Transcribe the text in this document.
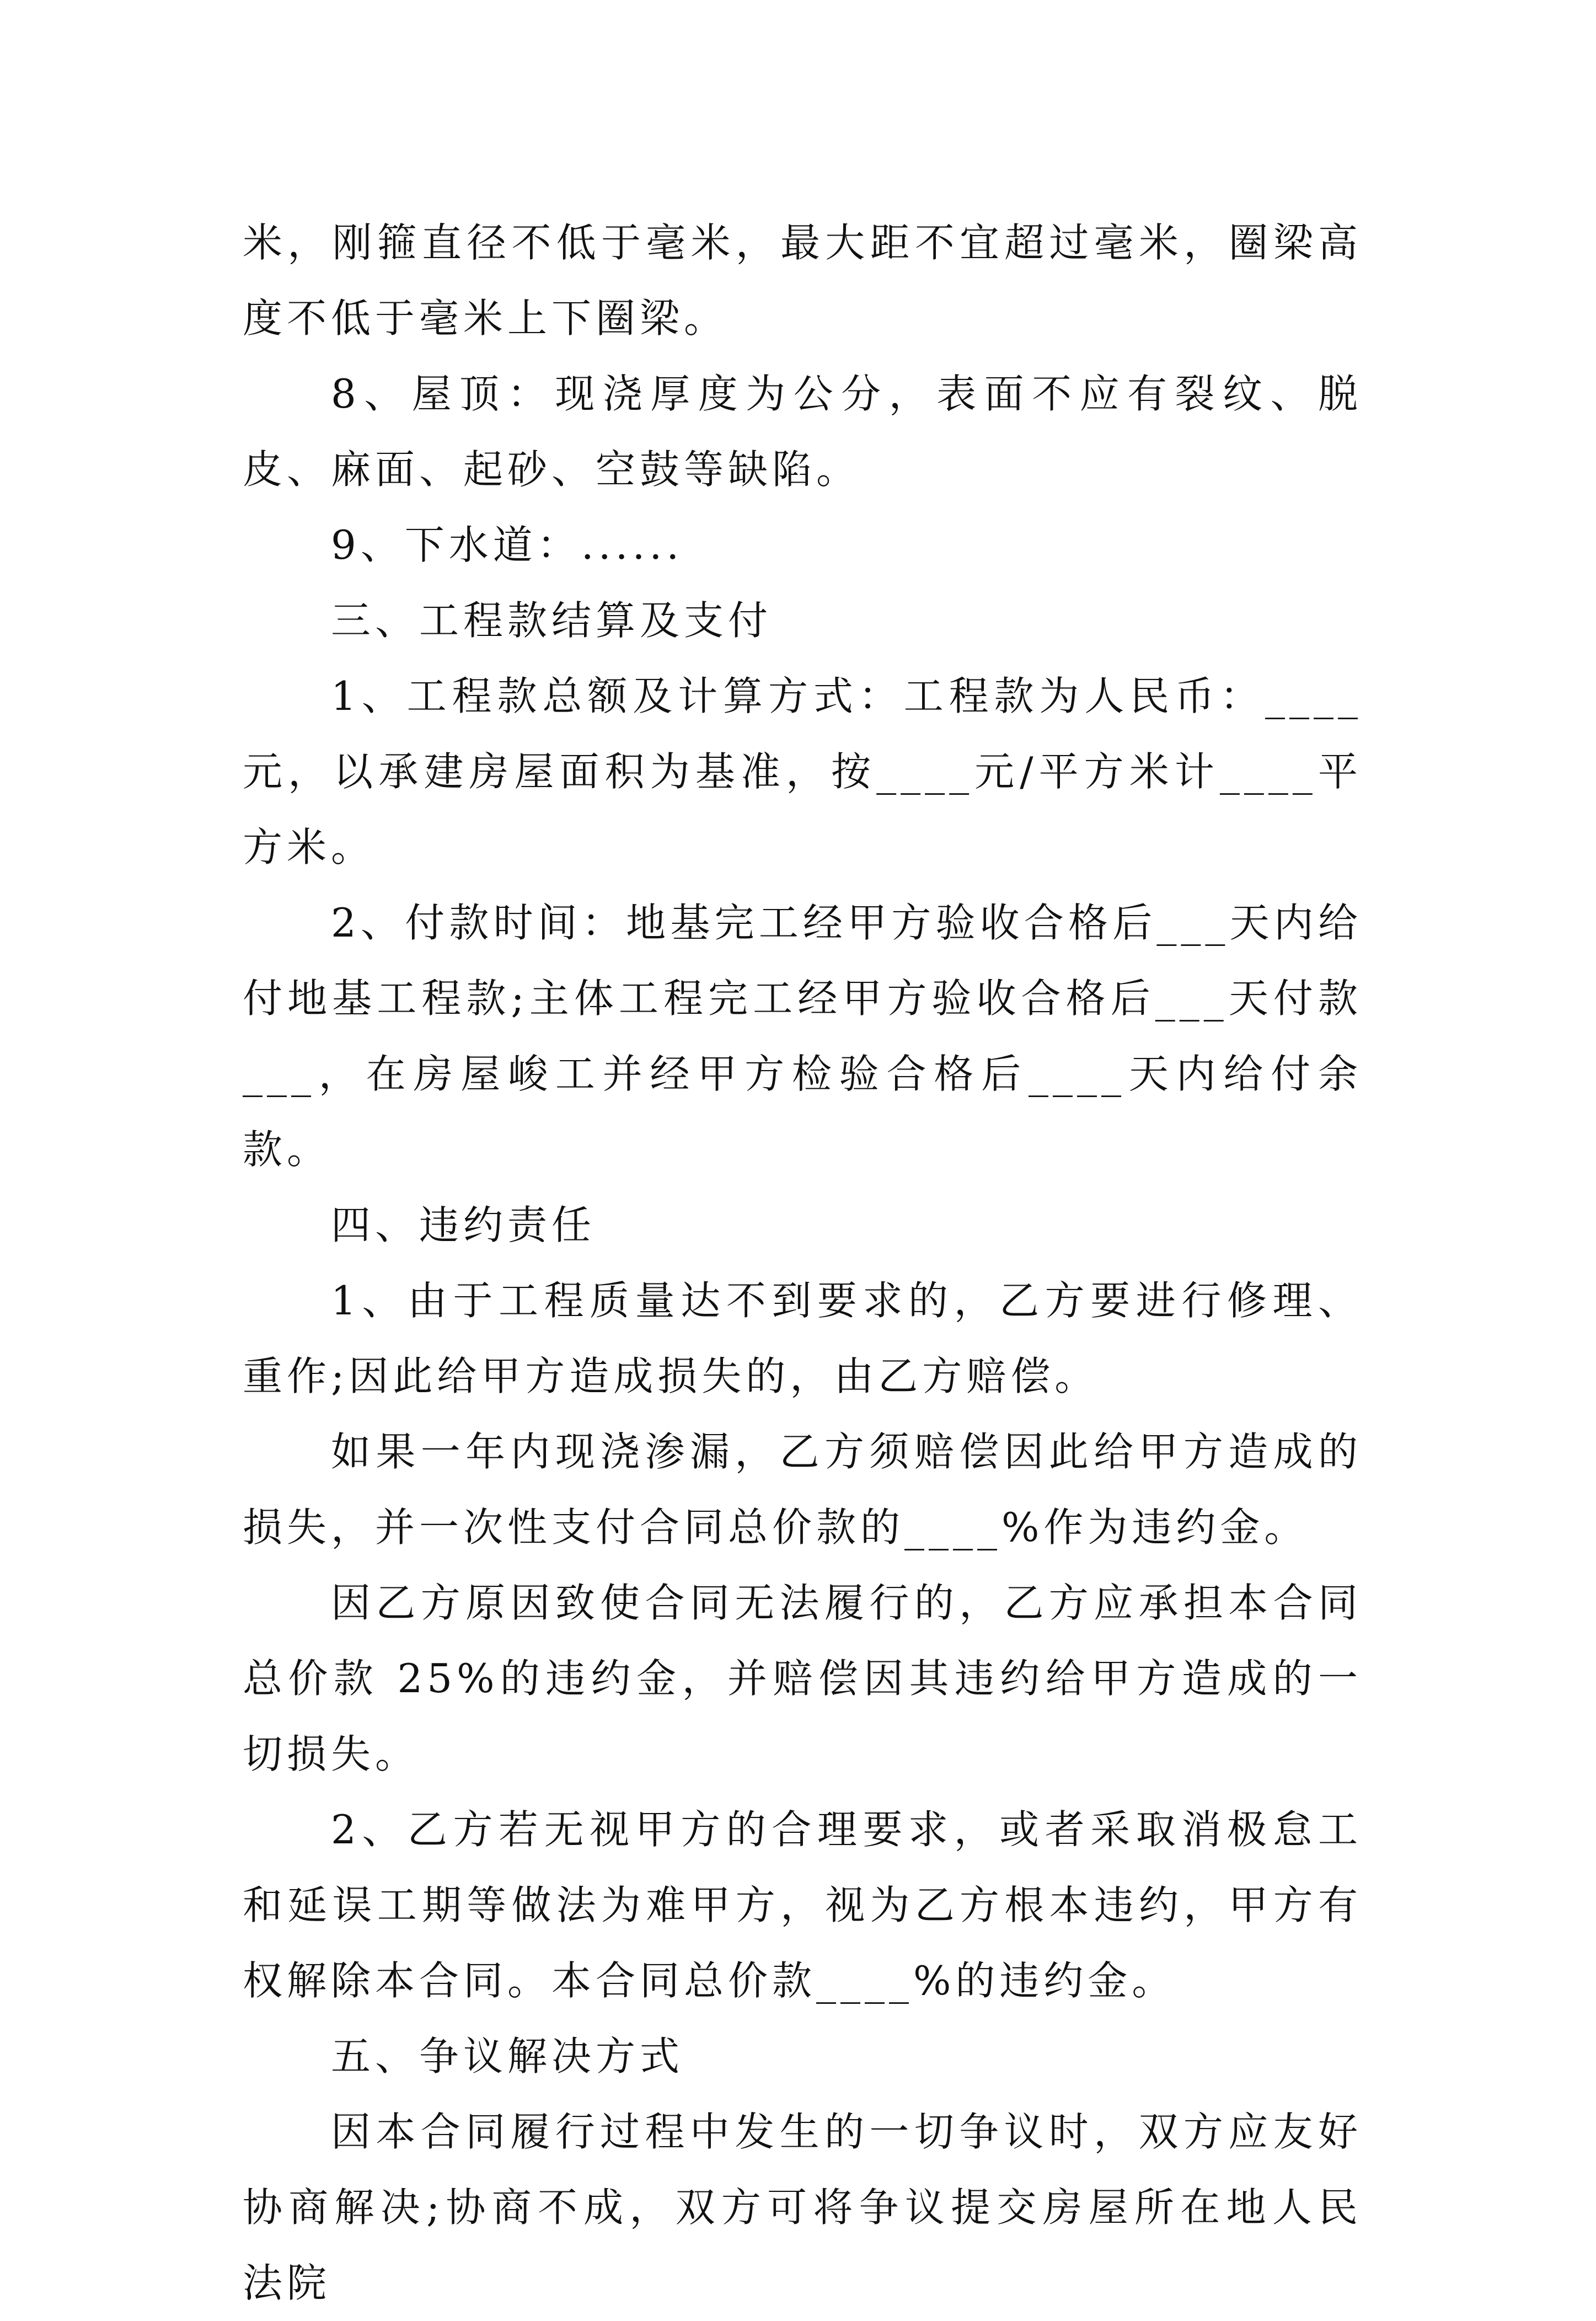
米，刚箍直径不低于毫米，最大距不宜超过毫米，圈梁高度不低于毫米上下圈梁。

8、屋顶：现浇厚度为公分，表面不应有裂纹、脱皮、麻面、起砂、空鼓等缺陷。

9、下水道：......

三、工程款结算及支付

1、工程款总额及计算方式：工程款为人民币：____元，以承建房屋面积为基准，按____元/平方米计____平方米。

2、付款时间：地基完工经甲方验收合格后___天内给付地基工程款;主体工程完工经甲方验收合格后___天付款___，在房屋峻工并经甲方检验合格后____天内给付余款。

四、违约责任

1、由于工程质量达不到要求的，乙方要进行修理、重作;因此给甲方造成损失的，由乙方赔偿。

如果一年内现浇渗漏，乙方须赔偿因此给甲方造成的损失，并一次性支付合同总价款的____%作为违约金。

因乙方原因致使合同无法履行的，乙方应承担本合同总价款 25%的违约金，并赔偿因其违约给甲方造成的一切损失。

2、乙方若无视甲方的合理要求，或者采取消极怠工和延误工期等做法为难甲方，视为乙方根本违约，甲方有权解除本合同。本合同总价款____%的违约金。

五、争议解决方式

因本合同履行过程中发生的一切争议时，双方应友好协商解决;协商不成，双方可将争议提交房屋所在地人民法院
